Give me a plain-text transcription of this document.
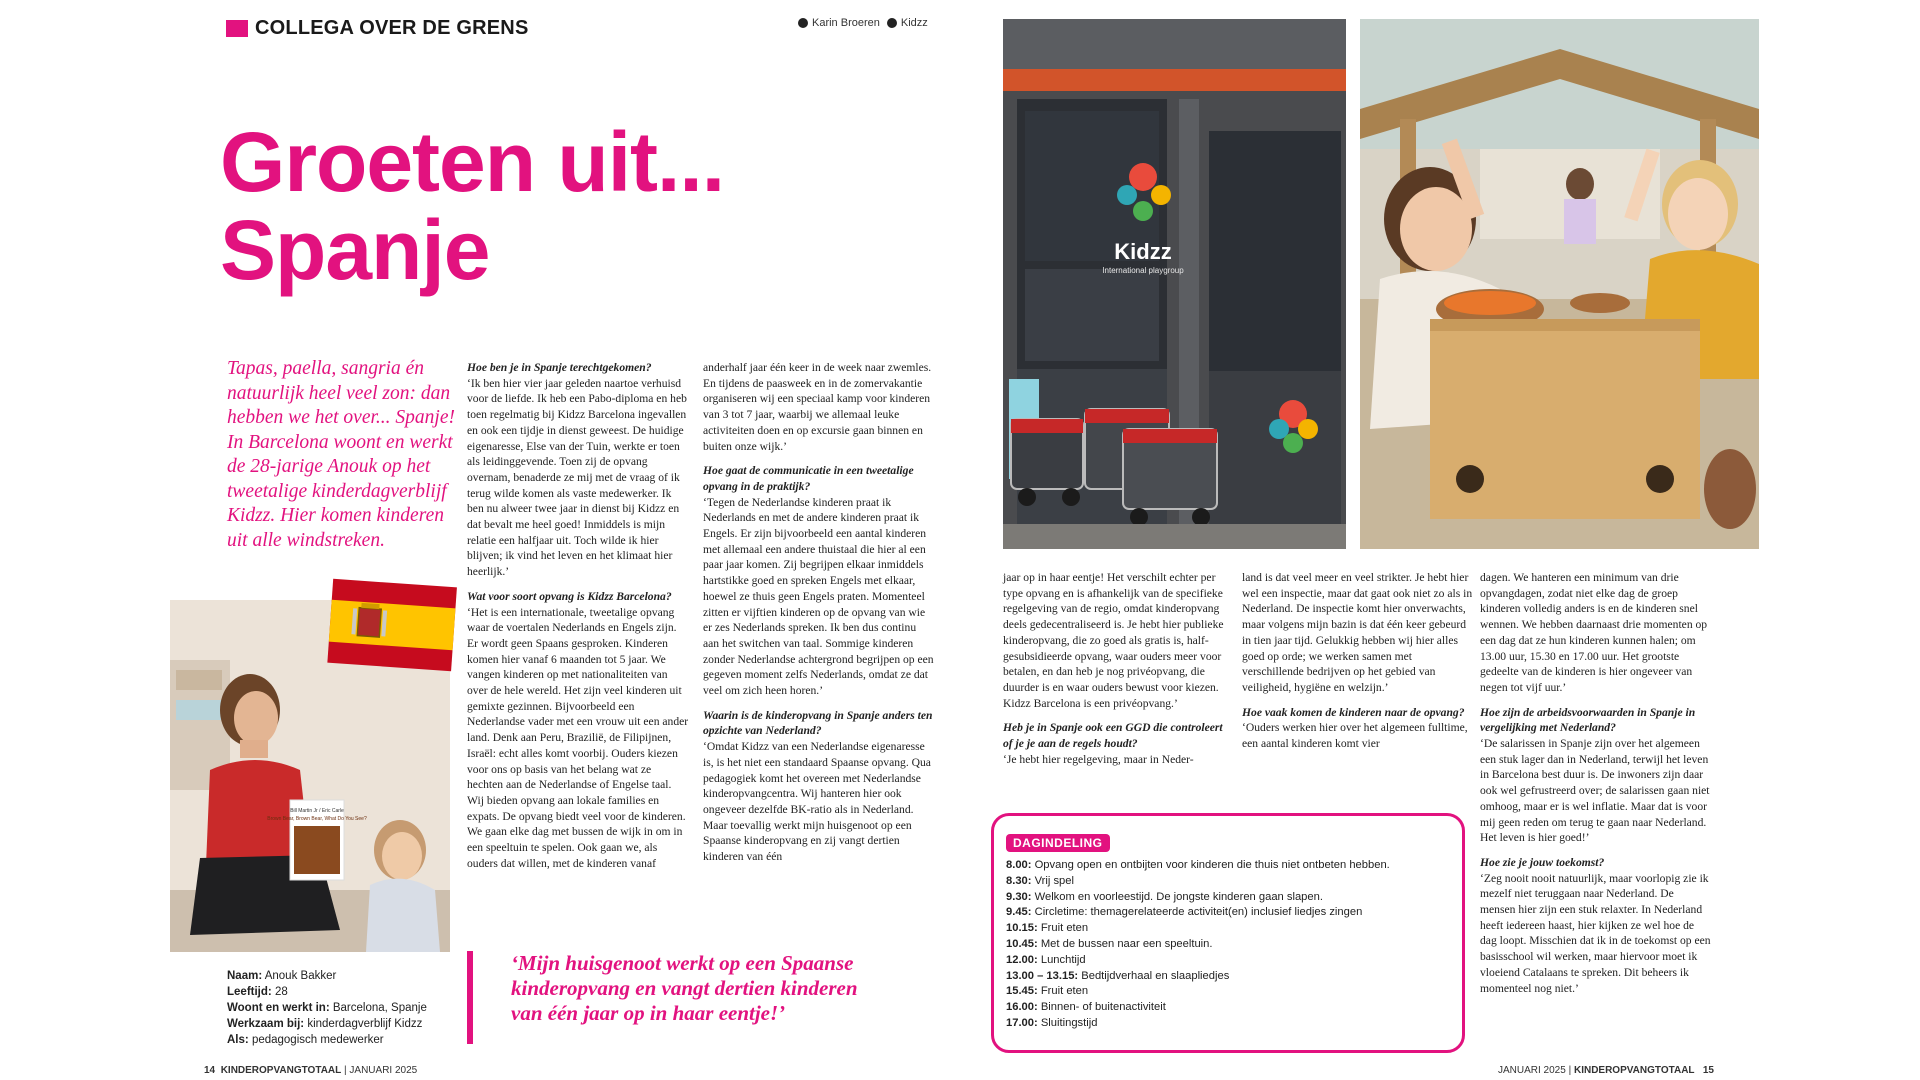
COLLEGA OVER DE GRENS	Karin Broeren Kidzz
Groeten uit...
Spanje
Tapas, paella, sangria én natuurlijk heel veel zon: dan hebben we het over... Spanje! In Barcelona woont en werkt de 28-jarige Anouk op het tweetalige kinderdagverblijf Kidzz. Hier komen kinderen uit alle windstreken.
Hoe ben je in Spanje terechtgekomen?

‘Ik ben hier vier jaar geleden naartoe verhuisd voor de liefde. Ik heb een Pabo-diploma en heb toen regelmatig bij Kidzz Barcelona ingevallen en ook een tijdje in dienst geweest. De huidige eigenaresse, Else van der Tuin, werkte er toen als leidinggevende. Toen zij de opvang overnam, benaderde ze mij met de vraag of ik terug wilde komen als vaste medewerker. Ik ben nu alweer twee jaar in dienst bij Kidzz en dat bevalt me heel goed! Inmiddels is mijn relatie een halfjaar uit. Toch wilde ik hier blijven; ik vind het leven en het klimaat hier heerlijk.’

Wat voor soort opvang is Kidzz Barcelona?

‘Het is een internationale, tweetalige opvang waar de voertalen Nederlands en Engels zijn. Er wordt geen Spaans gesproken. Kinderen komen hier vanaf 6 maanden tot 5 jaar. We vangen kinderen op met nationaliteiten van over de hele wereld. Het zijn veel kinderen uit gemixte gezinnen. Bijvoorbeeld een Nederlandse vader met een vrouw uit een ander land. Denk aan Peru, Brazilië, de Filipijnen, Israël: echt alles komt voorbij. Ouders kiezen voor ons op basis van het belang wat ze hechten aan de Nederlandse of Engelse taal. Wij bieden opvang aan lokale families en expats. De opvang biedt veel voor de kinderen. We gaan elke dag met bussen de wijk in om in een speeltuin te spelen. Ook gaan we, als ouders dat willen, met de kinderen vanaf

anderhalf jaar één keer in de week naar zwemles. En tijdens de paasweek en in de zomervakantie organiseren wij een speciaal kamp voor kinderen van 3 tot 7 jaar, waarbij we allemaal leuke activiteiten doen en op excursie gaan binnen en buiten onze wijk.’

Hoe gaat de communicatie in een tweetalige opvang in de praktijk?

‘Tegen de Nederlandse kinderen praat ik Nederlands en met de andere kinderen praat ik Engels. Er zijn bijvoorbeeld een aantal kinderen met allemaal een andere thuistaal die hier al een paar jaar komen. Zij begrijpen elkaar inmiddels hartstikke goed en spreken Engels met elkaar, hoewel ze thuis geen Engels praten. Momenteel zitten er vijftien kinderen op de opvang van wie er zes Nederlands spreken. Ik ben dus continu aan het switchen van taal. Sommige kinderen zonder Nederlandse achtergrond begrijpen op een gegeven moment zelfs Nederlands, omdat ze dat veel om zich heen horen.’

Waarin is de kinderopvang in Spanje anders ten opzichte van Nederland?

‘Omdat Kidzz van een Nederlandse eigenaresse is, is het niet een standaard Spaanse opvang. Qua pedagogiek komt het overeen met Nederlandse kinderopvangcentra. Wij hanteren hier ook ongeveer dezelfde BK-ratio als in Nederland. Maar toevallig werkt mijn huisgenoot op een Spaanse kinderopvang en zij vangt dertien kinderen van één

jaar op in haar eentje! Het verschilt echter per type opvang en is afhankelijk van de specifieke regelgeving van de regio, omdat kinderopvang deels gedecentraliseerd is. Je hebt hier publieke kinderopvang, die zo goed als gratis is, half-gesubsidieerde opvang, waar ouders meer voor betalen, en dan heb je nog privéopvang, die duurder is en waar ouders bewust voor kiezen. Kidzz Barcelona is een privéopvang.’

Heb je in Spanje ook een GGD die controleert of je je aan de regels houdt?

‘Je hebt hier regelgeving, maar in Neder-

land is dat veel meer en veel strikter. Je hebt hier wel een inspectie, maar dat gaat ook niet zo als in Nederland. De inspectie komt hier onverwachts, maar volgens mijn bazin is dat één keer gebeurd in tien jaar tijd. Gelukkig hebben wij hier alles goed op orde; we werken samen met verschillende bedrijven op het gebied van veiligheid, hygiëne en welzijn.’

Hoe vaak komen de kinderen naar de opvang?

‘Ouders werken hier over het algemeen fulltime, een aantal kinderen komt vier

dagen. We hanteren een minimum van drie opvangdagen, zodat niet elke dag de groep kinderen volledig anders is en de kinderen snel wennen. We hebben daarnaast drie momenten op een dag dat ze hun kinderen kunnen halen; om 13.00 uur, 15.30 en 17.00 uur. Het grootste gedeelte van de kinderen is hier ongeveer van negen tot vijf uur.’

Hoe zijn de arbeidsvoorwaarden in Spanje in vergelijking met Nederland?

‘De salarissen in Spanje zijn over het algemeen een stuk lager dan in Nederland, terwijl het leven in Barcelona best duur is. De inwoners zijn daar ook wel gefrustreerd over; de salarissen gaan niet omhoog, maar er is wel inflatie. Maar dat is voor mij geen reden om terug te gaan naar Nederland. Het leven is hier goed!’

Hoe zie je jouw toekomst?

‘Zeg nooit nooit natuurlijk, maar voorlopig zie ik mezelf niet teruggaan naar Nederland. De mensen hier zijn een stuk relaxter. In Nederland heeft iedereen haast, hier kijken ze wel hoe de dag loopt. Misschien dat ik in de toekomst op een basisschool wil werken, maar hiervoor moet ik vloeiend Catalaans te spreken. Dit beheers ik momenteel nog niet.’

Bill Martin Jr / Eric Carle
Brown Bear, Brown Bear, What Do You See?
Kidzz
International playgroup
Naam: Anouk Bakker
Leeftijd: 28
Woont en werkt in: Barcelona, Spanje
Werkzaam bij: kinderdagverblijf Kidzz
Als: pedagogisch medewerker
‘Mijn huisgenoot werkt op een Spaanse kinderopvang en vangt dertien kinderen van één jaar op in haar eentje!’
DAGINDELING
8.00: Opvang open en ontbijten voor kinderen die thuis niet ontbeten hebben.
8.30: Vrij spel
9.30: Welkom en voorleestijd. De jongste kinderen gaan slapen.
9.45: Circletime: themagerelateerde activiteit(en) inclusief liedjes zingen
10.15: Fruit eten
10.45: Met de bussen naar een speeltuin.
12.00: Lunchtijd
13.00 – 13.15: Bedtijdverhaal en slaapliedjes
15.45: Fruit eten
16.00: Binnen- of buitenactiviteit
17.00: Sluitingstijd
14 KINDEROPVANGTOTAAL | JANUARI 2025	JANUARI 2025 | KINDEROPVANGTOTAAL 15
